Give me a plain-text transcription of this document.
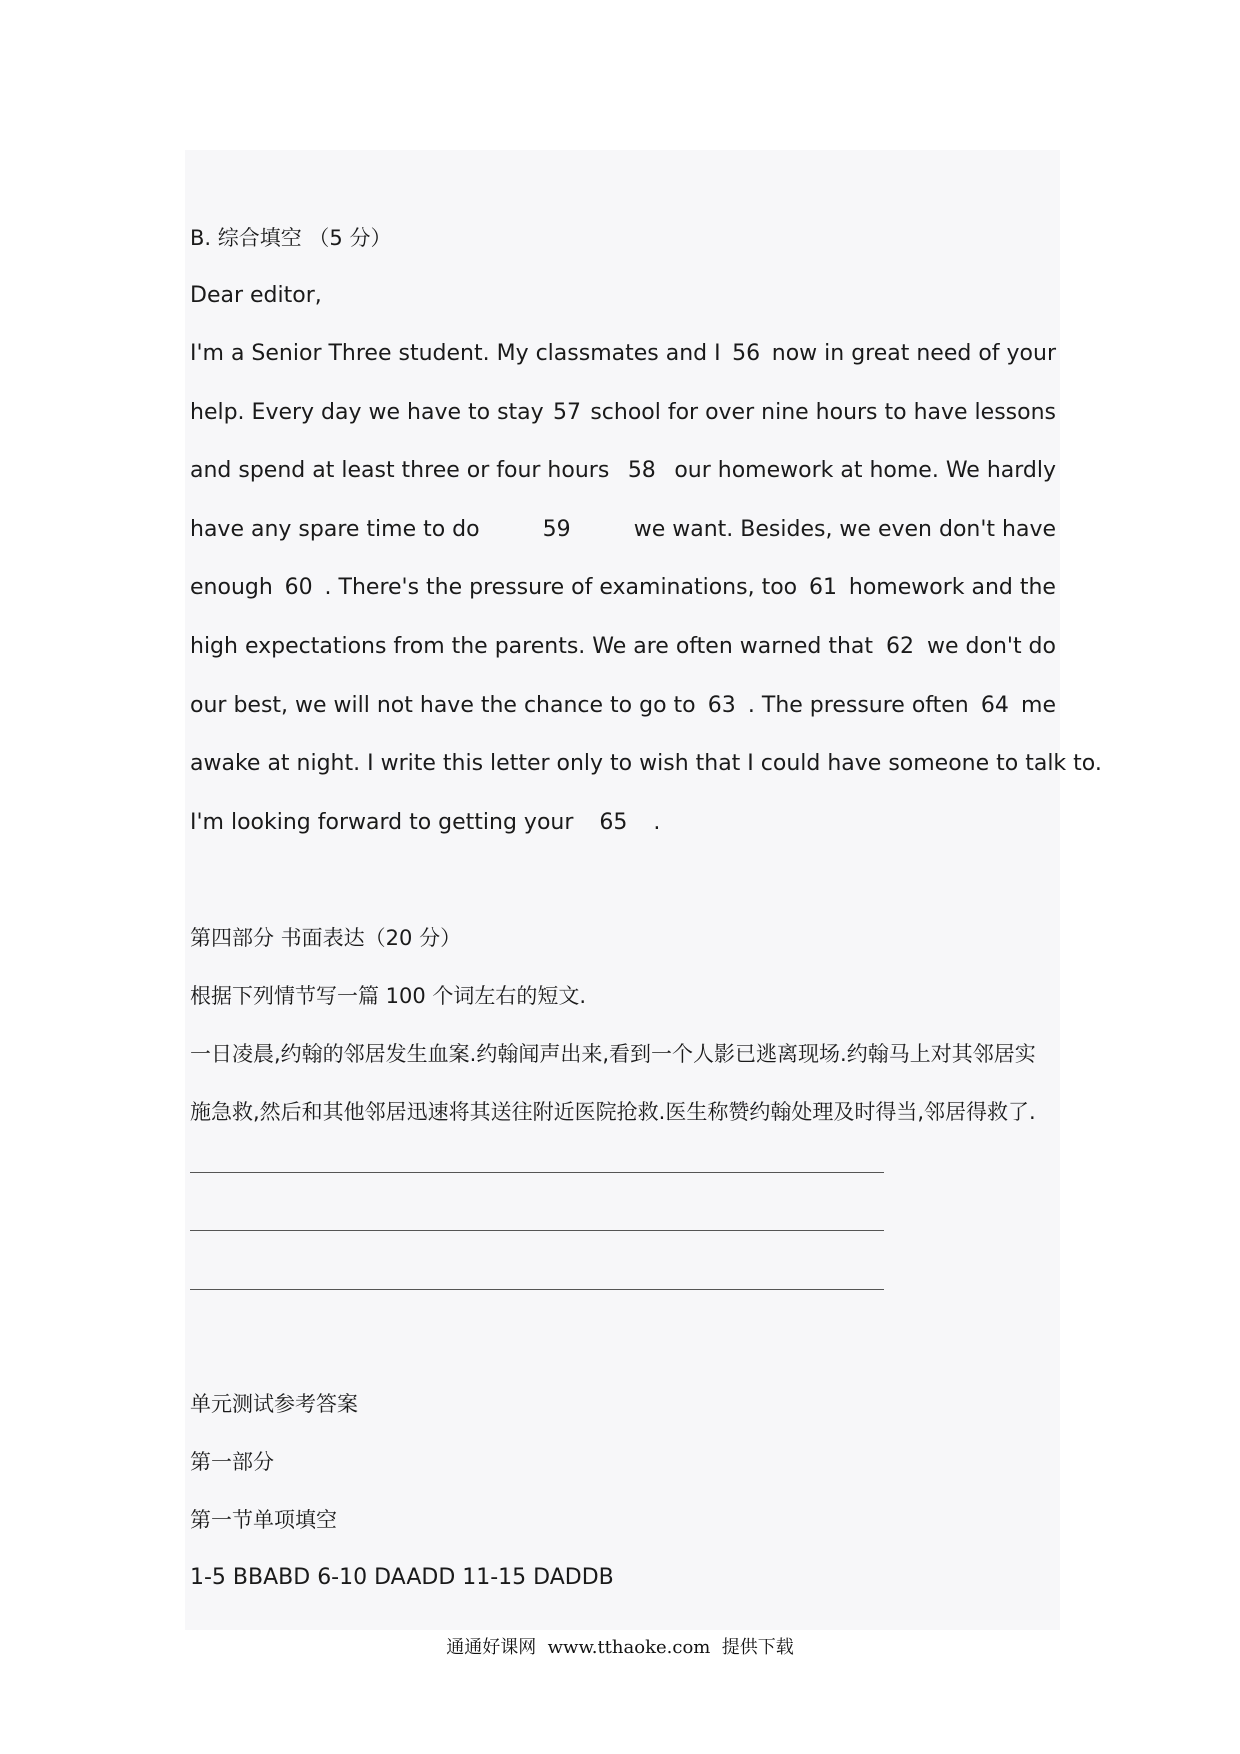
B. 综合填空 （5 分）

Dear editor,

I'm a Senior Three student. My classmates and I 56 now in great need of your

help. Every day we have to stay 57 school for over nine hours to have lessons

and spend at least three or four hours 58 our homework at home. We hardly

have any spare time to do	59	we want. Besides, we even don't have

enough 60 . There's the pressure of examinations, too 61 homework and the

high expectations from the parents. We are often warned that 62 we don't do

our best, we will not have the chance to go to 63 . The pressure often 64 me

awake at night. I write this letter only to wish that I could have someone to talk to.

I'm looking forward to getting your 65 .

第四部分 书面表达（20 分）

根据下列情节写一篇 100 个词左右的短文.

一日凌晨,约翰的邻居发生血案.约翰闻声出来,看到一个人影已逃离现场.约翰马上对其邻居实

施急救,然后和其他邻居迅速将其送往附近医院抢救.医生称赞约翰处理及时得当,邻居得救了.

单元测试参考答案

第一部分

第一节单项填空

1-5 BBABD 6-10 DAADD 11-15 DADDB

通通好课网  www.tthaoke.com  提供下载
